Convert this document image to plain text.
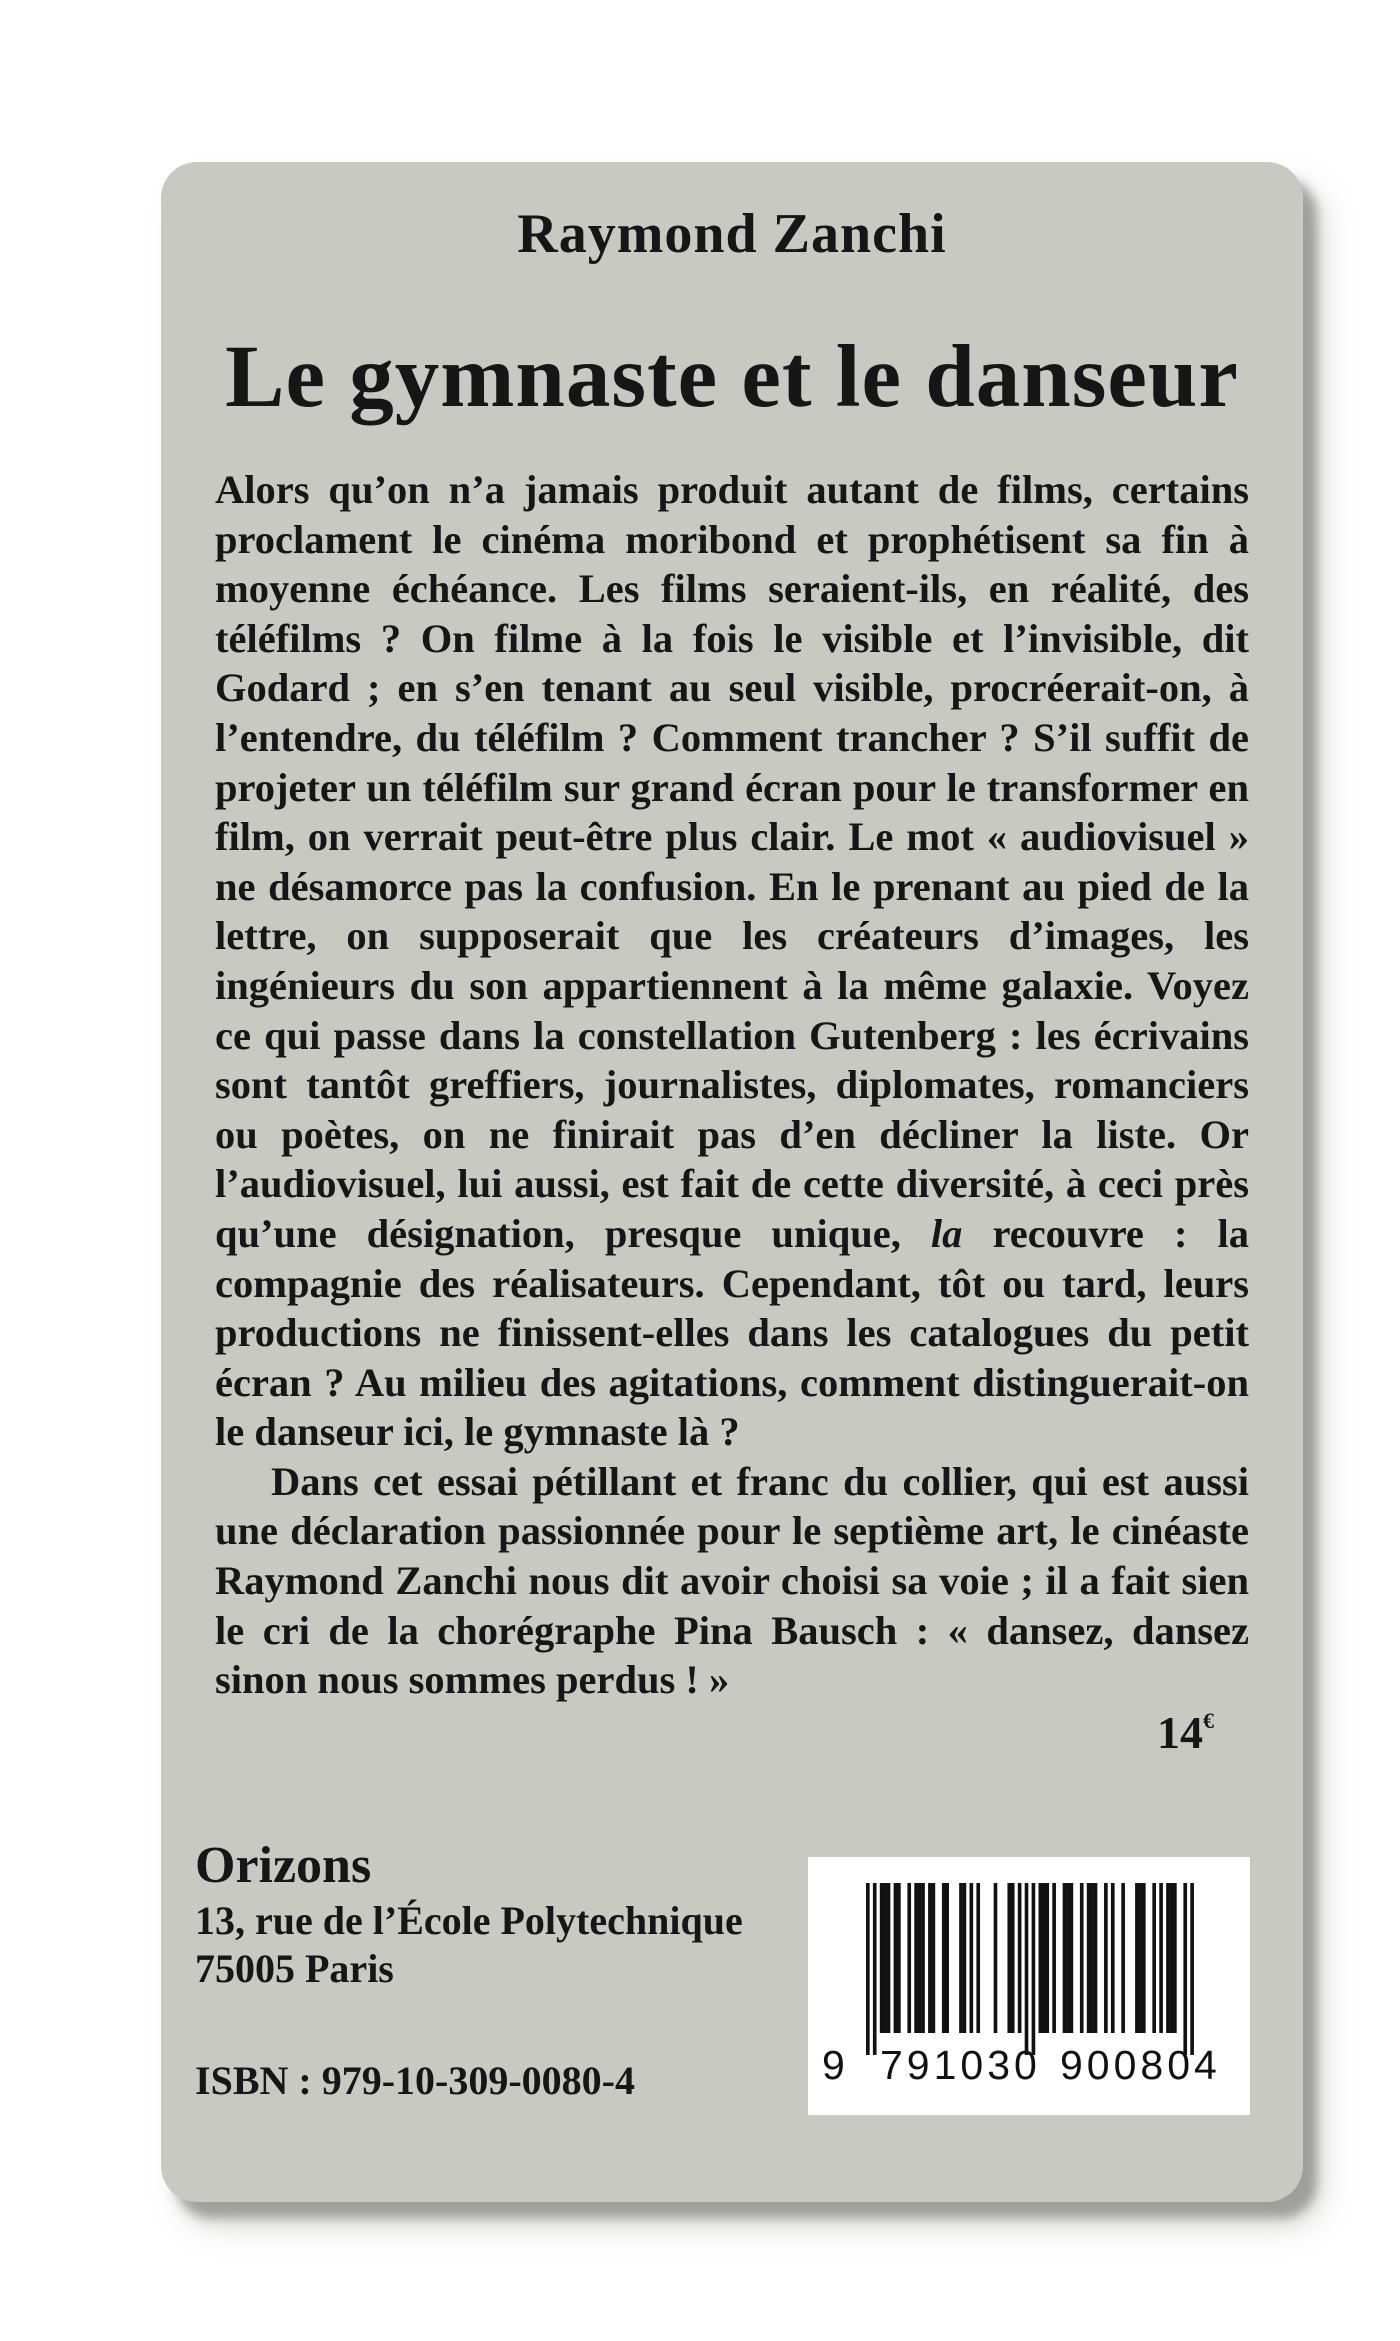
Raymond Zanchi
Le gymnaste et le danseur

Alors qu’on n’a jamais produit autant de films, certains proclament le cinéma moribond et prophétisent sa fin à moyenne échéance. Les films seraient-ils, en réalité, des téléfilms ? On filme à la fois le visible et l’invisible, dit Godard ; en s’en tenant au seul visible, procréerait-on, à l’entendre, du téléfilm ? Comment trancher ? S’il suffit de projeter un téléfilm sur grand écran pour le transformer en film, on verrait peut-être plus clair. Le mot « audiovisuel » ne désamorce pas la confusion. En le prenant au pied de la lettre, on supposerait que les créateurs d’images, les ingénieurs du son appartiennent à la même galaxie. Voyez ce qui passe dans la constellation Gutenberg : les écrivains sont tantôt greffiers, journalistes, diplomates, romanciers ou poètes, on ne finirait pas d’en décliner la liste. Or l’audiovisuel, lui aussi, est fait de cette diversité, à ceci près qu’une désignation, presque unique, la recouvre : la compagnie des réalisateurs. Cependant, tôt ou tard, leurs productions ne finissent-elles dans les catalogues du petit écran ? Au milieu des agitations, comment distinguerait-on le danseur ici, le gymnaste là ?

Dans cet essai pétillant et franc du collier, qui est aussi une déclaration passionnée pour le septième art, le cinéaste Raymond Zanchi nous dit avoir choisi sa voie ; il a fait sien le cri de la chorégraphe Pina Bausch : « dansez, dansez sinon nous sommes perdus ! »

14€
Orizons
13, rue de l’École Polytechnique
75005 Paris
ISBN : 979-10-309-0080-4	9 791030 900804
